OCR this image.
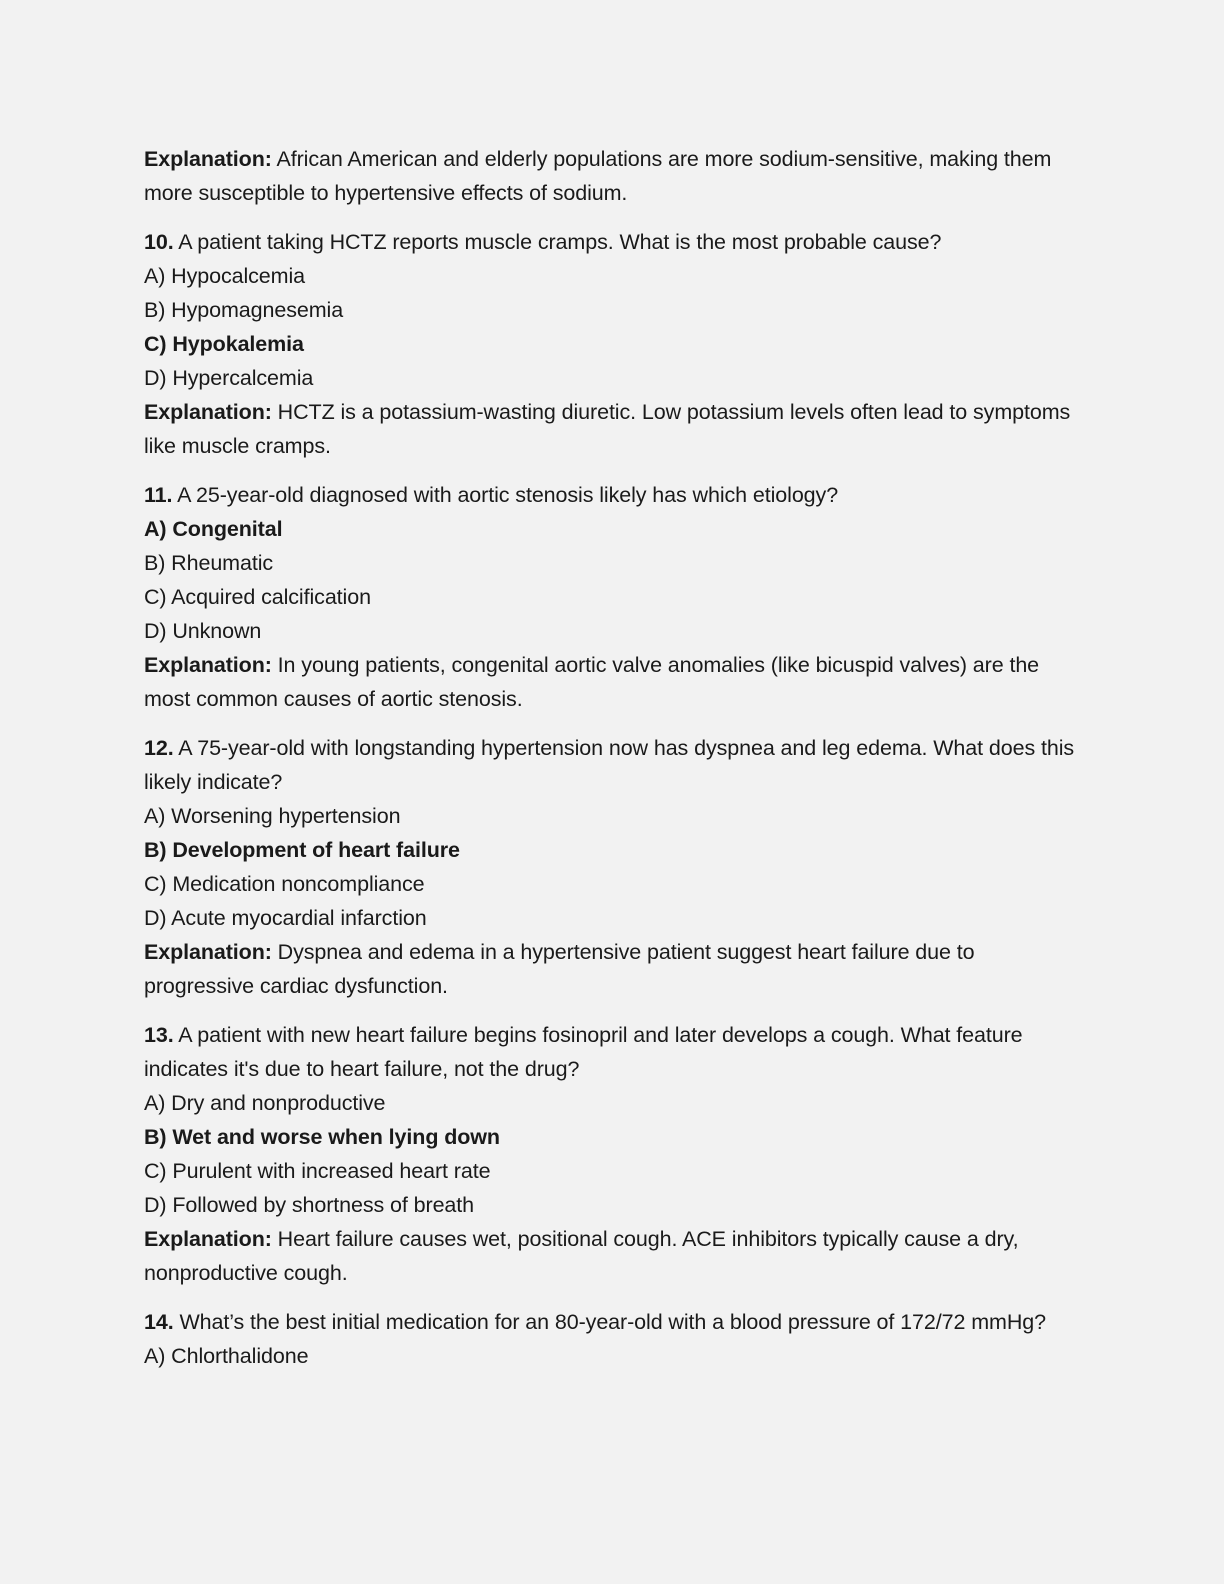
Explanation: African American and elderly populations are more sodium-sensitive, making them more susceptible to hypertensive effects of sodium.
10. A patient taking HCTZ reports muscle cramps. What is the most probable cause?
A) Hypocalcemia
B) Hypomagnesemia
C) Hypokalemia
D) Hypercalcemia
Explanation: HCTZ is a potassium-wasting diuretic. Low potassium levels often lead to symptoms like muscle cramps.
11. A 25-year-old diagnosed with aortic stenosis likely has which etiology?
A) Congenital
B) Rheumatic
C) Acquired calcification
D) Unknown
Explanation: In young patients, congenital aortic valve anomalies (like bicuspid valves) are the most common causes of aortic stenosis.
12. A 75-year-old with longstanding hypertension now has dyspnea and leg edema. What does this likely indicate?
A) Worsening hypertension
B) Development of heart failure
C) Medication noncompliance
D) Acute myocardial infarction
Explanation: Dyspnea and edema in a hypertensive patient suggest heart failure due to progressive cardiac dysfunction.
13. A patient with new heart failure begins fosinopril and later develops a cough. What feature indicates it's due to heart failure, not the drug?
A) Dry and nonproductive
B) Wet and worse when lying down
C) Purulent with increased heart rate
D) Followed by shortness of breath
Explanation: Heart failure causes wet, positional cough. ACE inhibitors typically cause a dry, nonproductive cough.
14. What’s the best initial medication for an 80-year-old with a blood pressure of 172/72 mmHg?
A) Chlorthalidone
